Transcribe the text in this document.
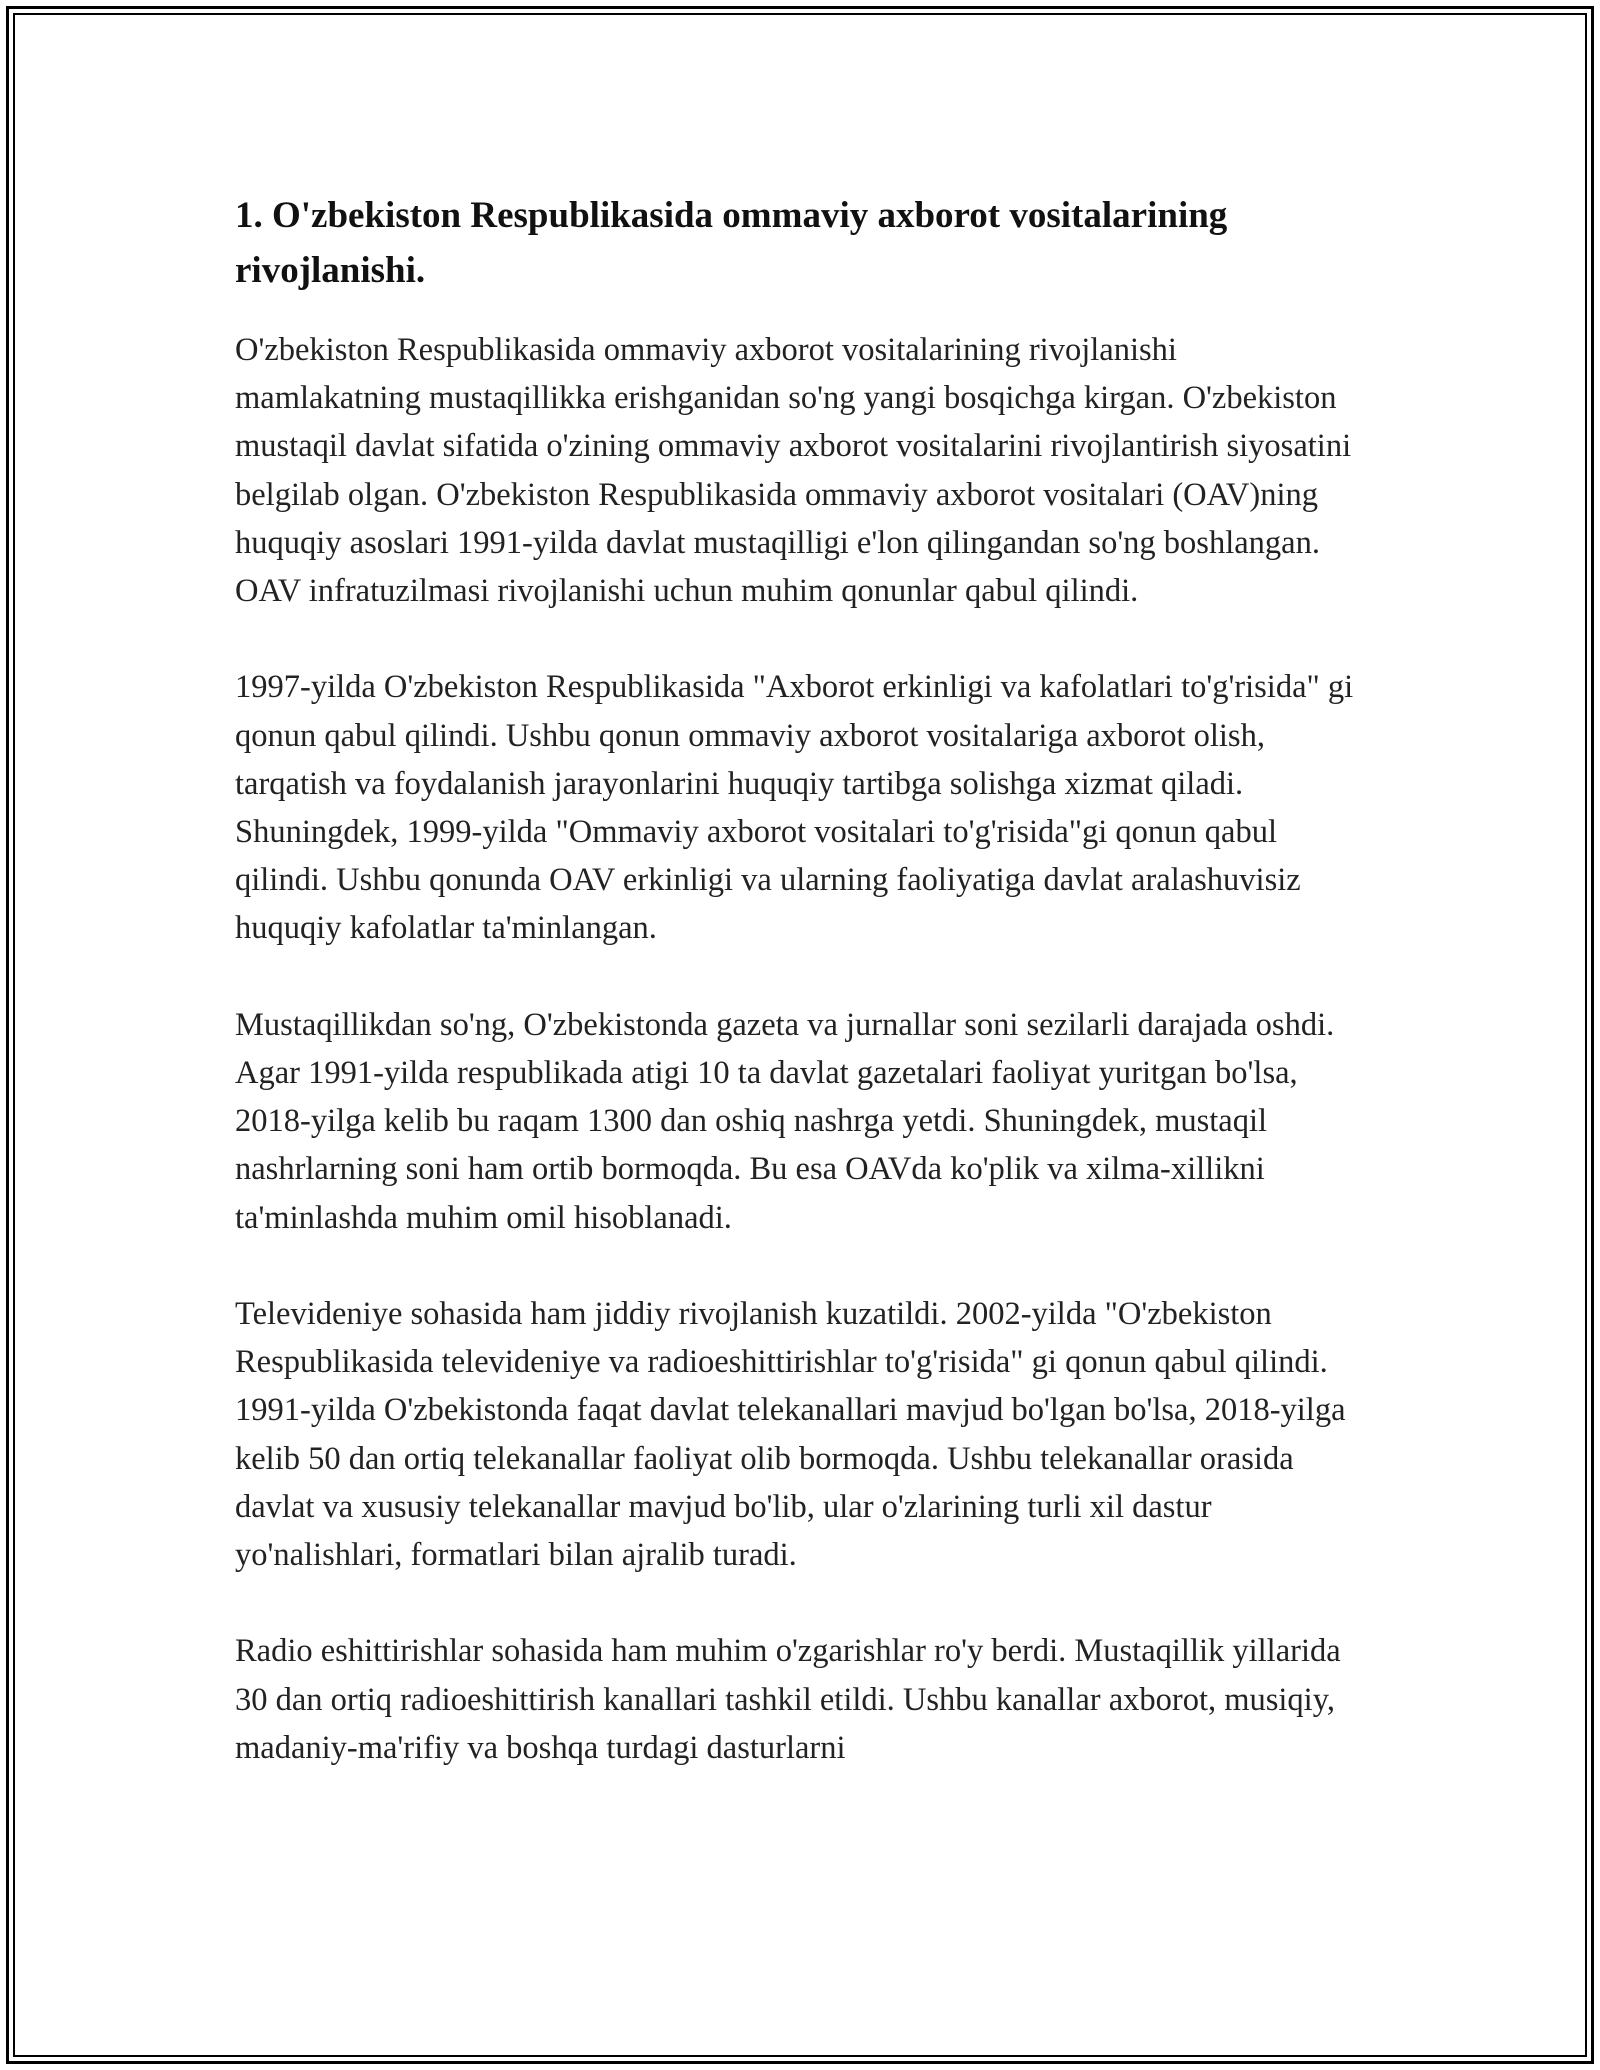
1. O'zbekiston Respublikasida ommaviy axborot vositalarining rivojlanishi.

O'zbekiston Respublikasida ommaviy axborot vositalarining rivojlanishi mamlakatning mustaqillikka erishganidan so'ng yangi bosqichga kirgan. O'zbekiston mustaqil davlat sifatida o'zining ommaviy axborot vositalarini rivojlantirish siyosatini belgilab olgan. O'zbekiston Respublikasida ommaviy axborot vositalari (OAV)ning huquqiy asoslari 1991-yilda davlat mustaqilligi e'lon qilingandan so'ng boshlangan. OAV infratuzilmasi rivojlanishi uchun muhim qonunlar qabul qilindi.

1997-yilda O'zbekiston Respublikasida "Axborot erkinligi va kafolatlari to'g'risida" gi qonun qabul qilindi. Ushbu qonun ommaviy axborot vositalariga axborot olish, tarqatish va foydalanish jarayonlarini huquqiy tartibga solishga xizmat qiladi. Shuningdek, 1999-yilda "Ommaviy axborot vositalari to'g'risida"gi qonun qabul qilindi. Ushbu qonunda OAV erkinligi va ularning faoliyatiga davlat aralashuvisiz huquqiy kafolatlar ta'minlangan.

Mustaqillikdan so'ng, O'zbekistonda gazeta va jurnallar soni sezilarli darajada oshdi. Agar 1991-yilda respublikada atigi 10 ta davlat gazetalari faoliyat yuritgan bo'lsa, 2018-yilga kelib bu raqam 1300 dan oshiq nashrga yetdi. Shuningdek, mustaqil nashrlarning soni ham ortib bormoqda. Bu esa OAVda ko'plik va xilma-xillikni ta'minlashda muhim omil hisoblanadi.

Televideniye sohasida ham jiddiy rivojlanish kuzatildi. 2002-yilda "O'zbekiston Respublikasida televideniye va radioeshittirishlar to'g'risida" gi qonun qabul qilindi. 1991-yilda O'zbekistonda faqat davlat telekanallari mavjud bo'lgan bo'lsa, 2018-yilga kelib 50 dan ortiq telekanallar faoliyat olib bormoqda. Ushbu telekanallar orasida davlat va xususiy telekanallar mavjud bo'lib, ular o'zlarining turli xil dastur yo'nalishlari, formatlari bilan ajralib turadi.

Radio eshittirishlar sohasida ham muhim o'zgarishlar ro'y berdi. Mustaqillik yillarida 30 dan ortiq radioeshittirish kanallari tashkil etildi. Ushbu kanallar axborot, musiqiy, madaniy-ma'rifiy va boshqa turdagi dasturlarni
